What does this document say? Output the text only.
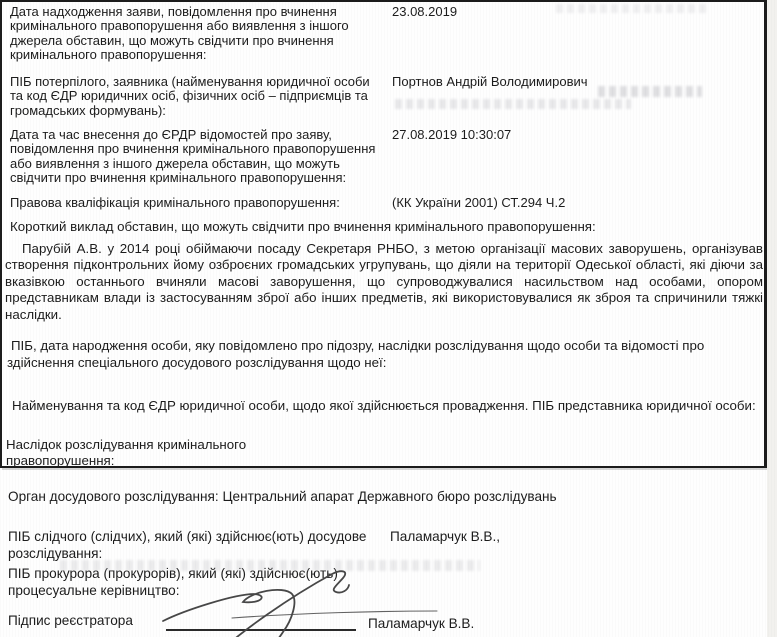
Дата надходження заяви, повідомлення про вчинення кримінального правопорушення або виявлення з іншого джерела обставин, що можуть свідчити про вчинення кримінального правопорушення:
23.08.2019
ПІБ потерпілого, заявника (найменування юридичної особи та код ЄДР юридичних осіб, фізичних осіб – підприємців та громадських формувань):
Портнов Андрій Володимирович
Дата та час внесення до ЄРДР відомостей про заяву, повідомлення про вчинення кримінального правопорушення або виявлення з іншого джерела обставин, що можуть свідчити про вчинення кримінального правопорушення:
27.08.2019 10:30:07
Правова кваліфікація кримінального правопорушення:	(КК України 2001) СТ.294 Ч.2
Короткий виклад обставин, що можуть свідчити про вчинення кримінального правопорушення:
Парубій А.В. у 2014 році обіймаючи посаду Секретаря РНБО, з метою організації масових заворушень, організував створення підконтрольних йому озброєних громадських угрупувань, що діяли на території Одеської області, які діючи за вказівкою останнього вчиняли масові заворушення, що супроводжувалися насильством над особами, опором представникам влади із застосуванням зброї або інших предметів, які використовувалися як зброя та спричинили тяжкі наслідки.
ПІБ, дата народження особи, яку повідомлено про підозру, наслідки розслідування щодо особи та відомості про здійснення спеціального досудового розслідування щодо неї:
Найменування та код ЄДР юридичної особи, щодо якої здійснюється провадження. ПІБ представника юридичної особи:
Наслідок розслідування кримінального правопорушення:
Орган досудового розслідування: Центральний апарат Державного бюро розслідувань
ПІБ слідчого (слідчих), який (які) здійснює(ють) досудове розслідування:
Паламарчук В.В.,
ПІБ прокурора (прокурорів), який (які) здійснює(ють) процесуальне керівництво:
Підпис реєстратора	Паламарчук В.В.
